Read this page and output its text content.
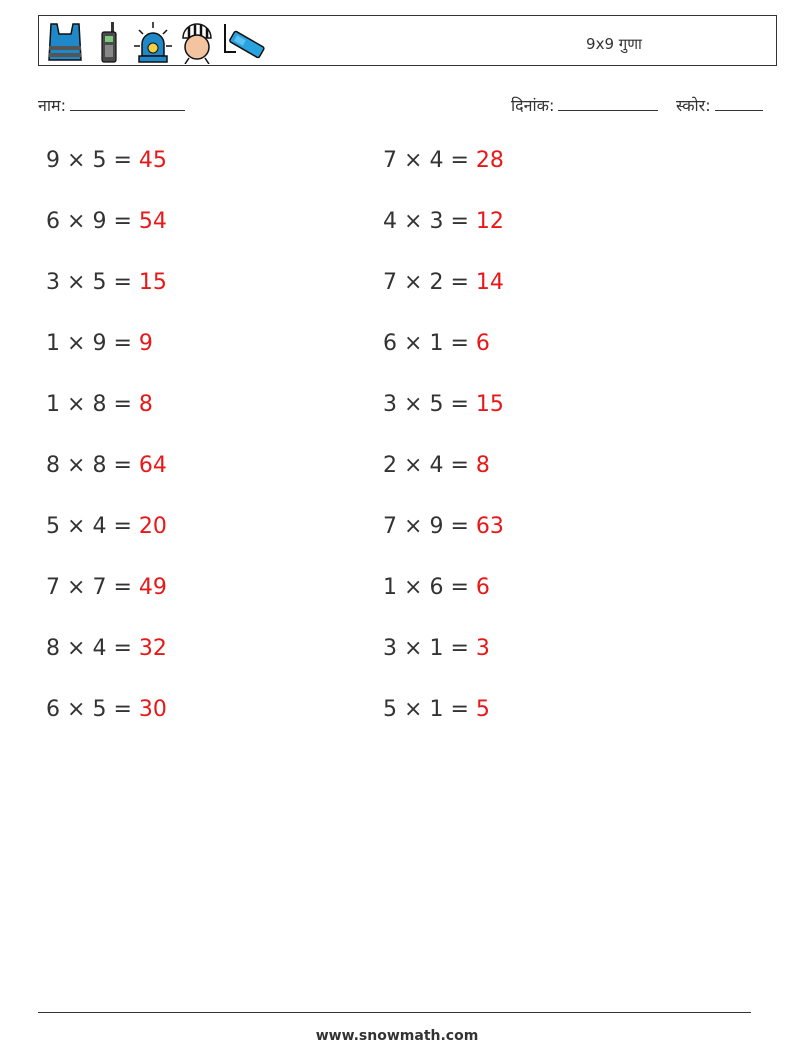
9x9 गुणा
नाम:	दिनांक:	स्कोर:
9 × 5 = 45
6 × 9 = 54
3 × 5 = 15
1 × 9 = 9
1 × 8 = 8
8 × 8 = 64
5 × 4 = 20
7 × 7 = 49
8 × 4 = 32
6 × 5 = 30
7 × 4 = 28
4 × 3 = 12
7 × 2 = 14
6 × 1 = 6
3 × 5 = 15
2 × 4 = 8
7 × 9 = 63
1 × 6 = 6
3 × 1 = 3
5 × 1 = 5
www.snowmath.com
